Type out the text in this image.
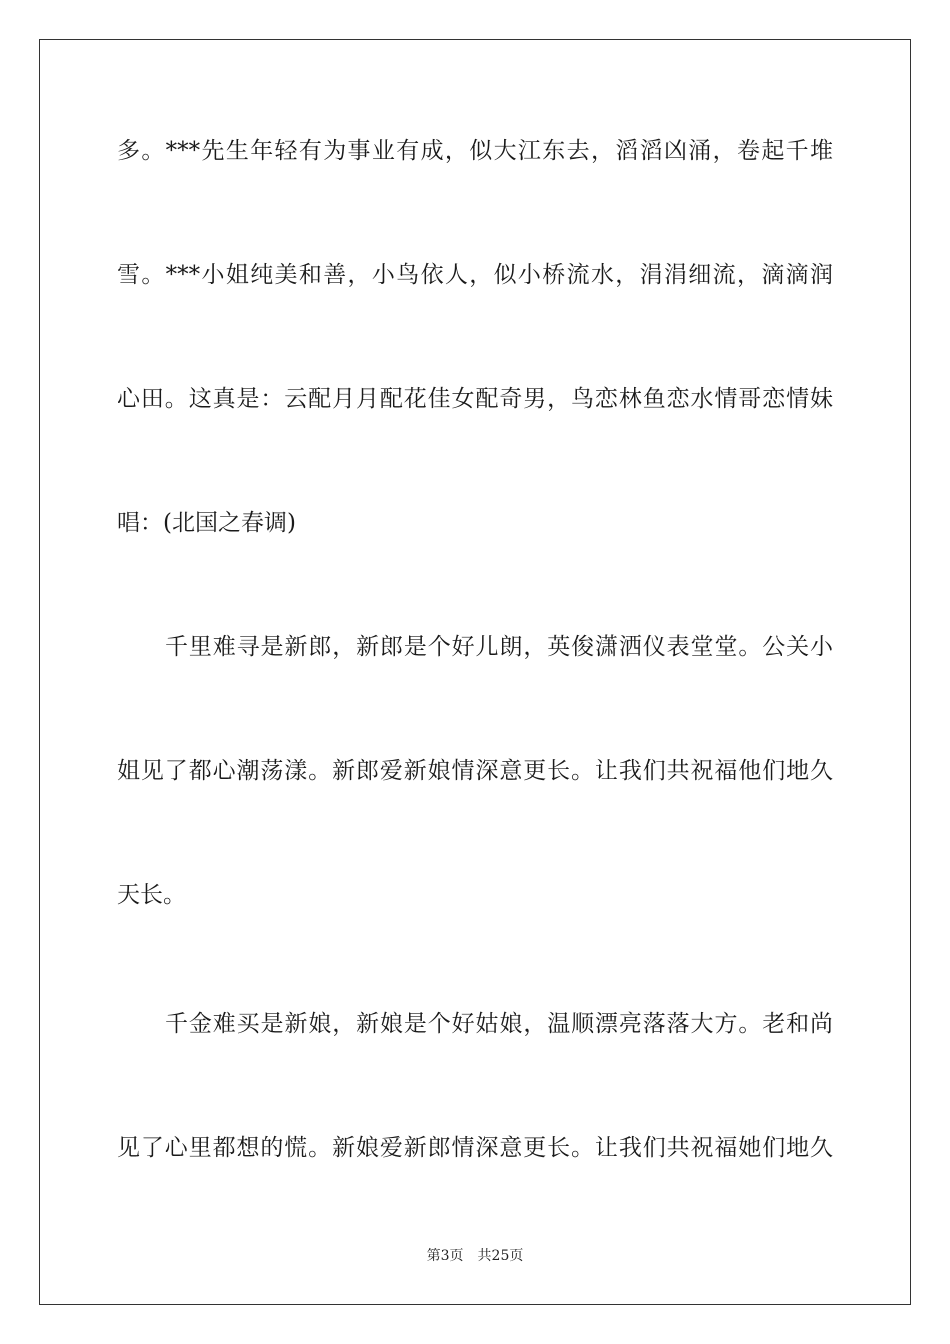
多。***先生年轻有为事业有成，似大江东去，滔滔凶涌，卷起千堆
雪。***小姐纯美和善，小鸟依人，似小桥流水，涓涓细流，滴滴润
心田。这真是：云配月月配花佳女配奇男，鸟恋林鱼恋水情哥恋情妹
唱：(北国之春调)
千里难寻是新郎，新郎是个好儿朗，英俊潇洒仪表堂堂。公关小
姐见了都心潮荡漾。新郎爱新娘情深意更长。让我们共祝福他们地久
天长。
千金难买是新娘，新娘是个好姑娘，温顺漂亮落落大方。老和尚
见了心里都想的慌。新娘爱新郎情深意更长。让我们共祝福她们地久
第3页　共25页
